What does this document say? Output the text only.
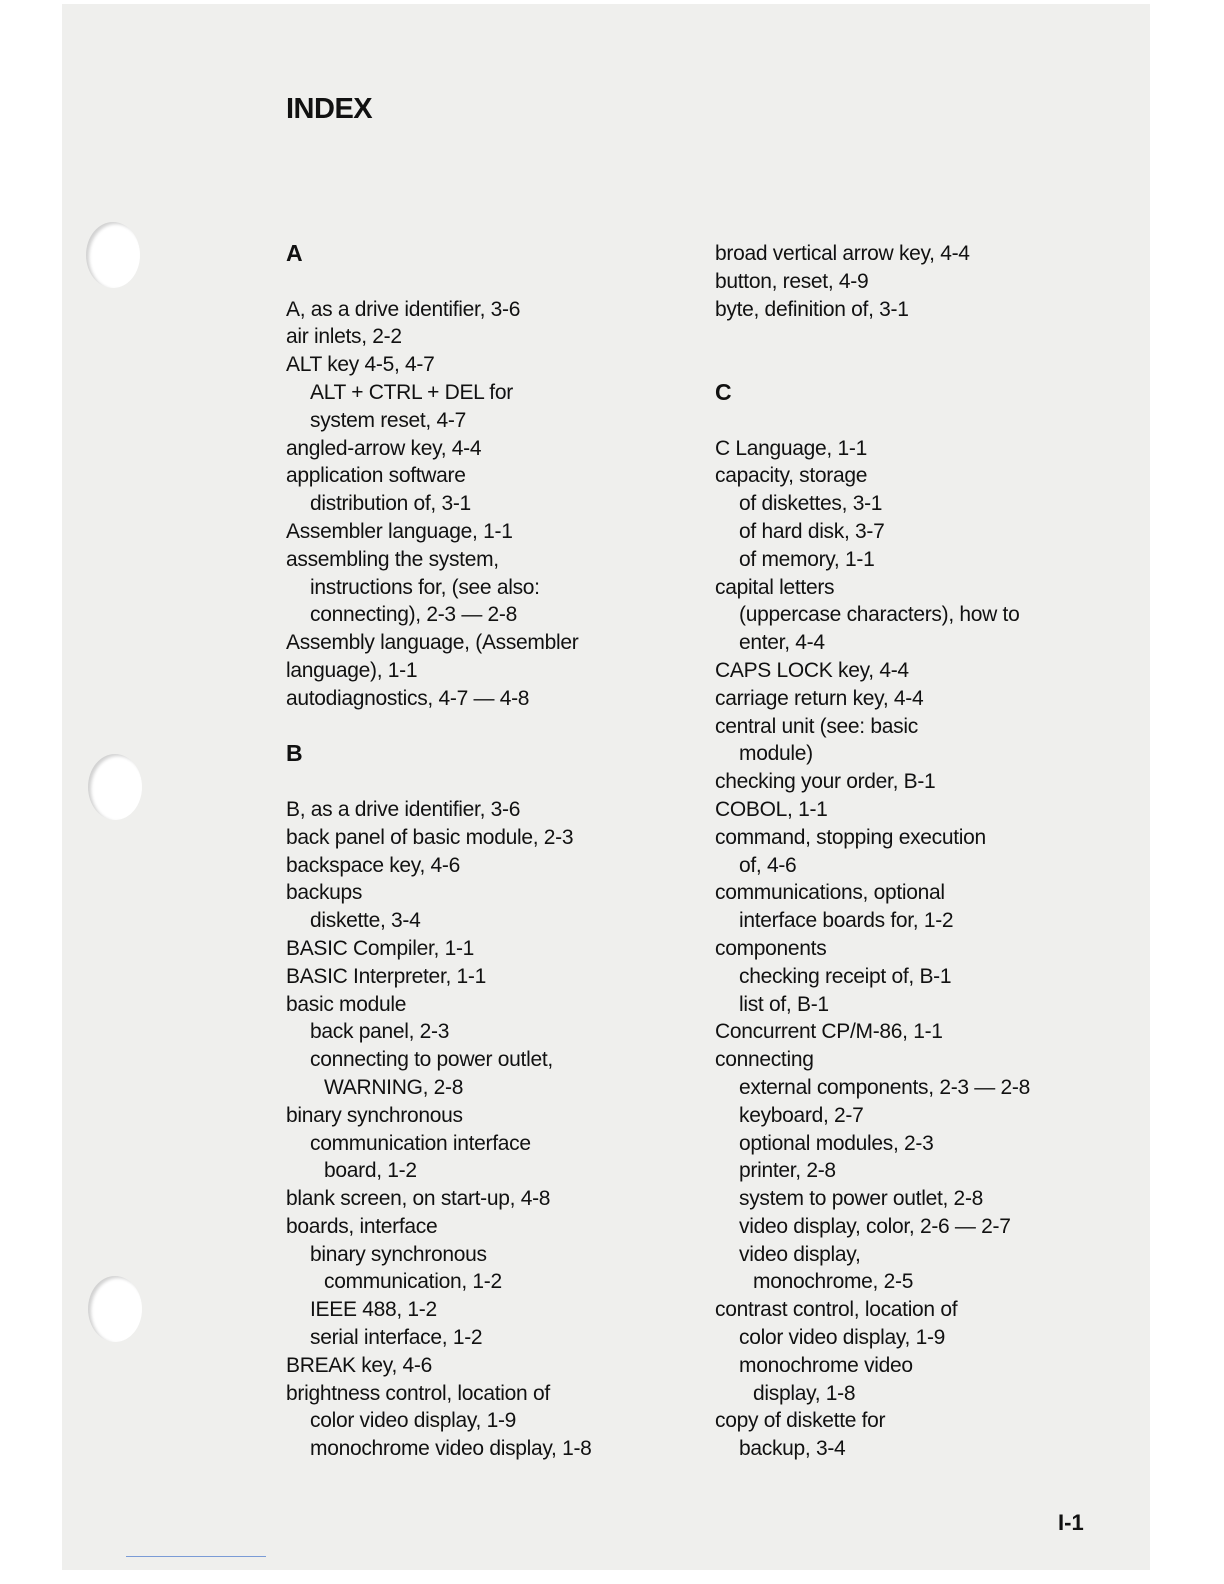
INDEX
A
A, as a drive identifier, 3-6
air inlets, 2-2
ALT key 4-5, 4-7
ALT + CTRL + DEL for
system reset, 4-7
angled-arrow key, 4-4
application software
distribution of, 3-1
Assembler language, 1-1
assembling the system,
instructions for, (see also:
connecting), 2-3 — 2-8
Assembly language, (Assembler
language), 1-1
autodiagnostics, 4-7 — 4-8
B
B, as a drive identifier, 3-6
back panel of basic module, 2-3
backspace key, 4-6
backups
diskette, 3-4
BASIC Compiler, 1-1
BASIC Interpreter, 1-1
basic module
back panel, 2-3
connecting to power outlet,
WARNING, 2-8
binary synchronous
communication interface
board, 1-2
blank screen, on start-up, 4-8
boards, interface
binary synchronous
communication, 1-2
IEEE 488, 1-2
serial interface, 1-2
BREAK key, 4-6
brightness control, location of
color video display, 1-9
monochrome video display, 1-8
broad vertical arrow key, 4-4
button, reset, 4-9
byte, definition of, 3-1
C
C Language, 1-1
capacity, storage
of diskettes, 3-1
of hard disk, 3-7
of memory, 1-1
capital letters
(uppercase characters), how to
enter, 4-4
CAPS LOCK key, 4-4
carriage return key, 4-4
central unit (see: basic
module)
checking your order, B-1
COBOL, 1-1
command, stopping execution
of, 4-6
communications, optional
interface boards for, 1-2
components
checking receipt of, B-1
list of, B-1
Concurrent CP/M-86, 1-1
connecting
external components, 2-3 — 2-8
keyboard, 2-7
optional modules, 2-3
printer, 2-8
system to power outlet, 2-8
video display, color, 2-6 — 2-7
video display,
monochrome, 2-5
contrast control, location of
color video display, 1-9
monochrome video
display, 1-8
copy of diskette for
backup, 3-4
I-1
